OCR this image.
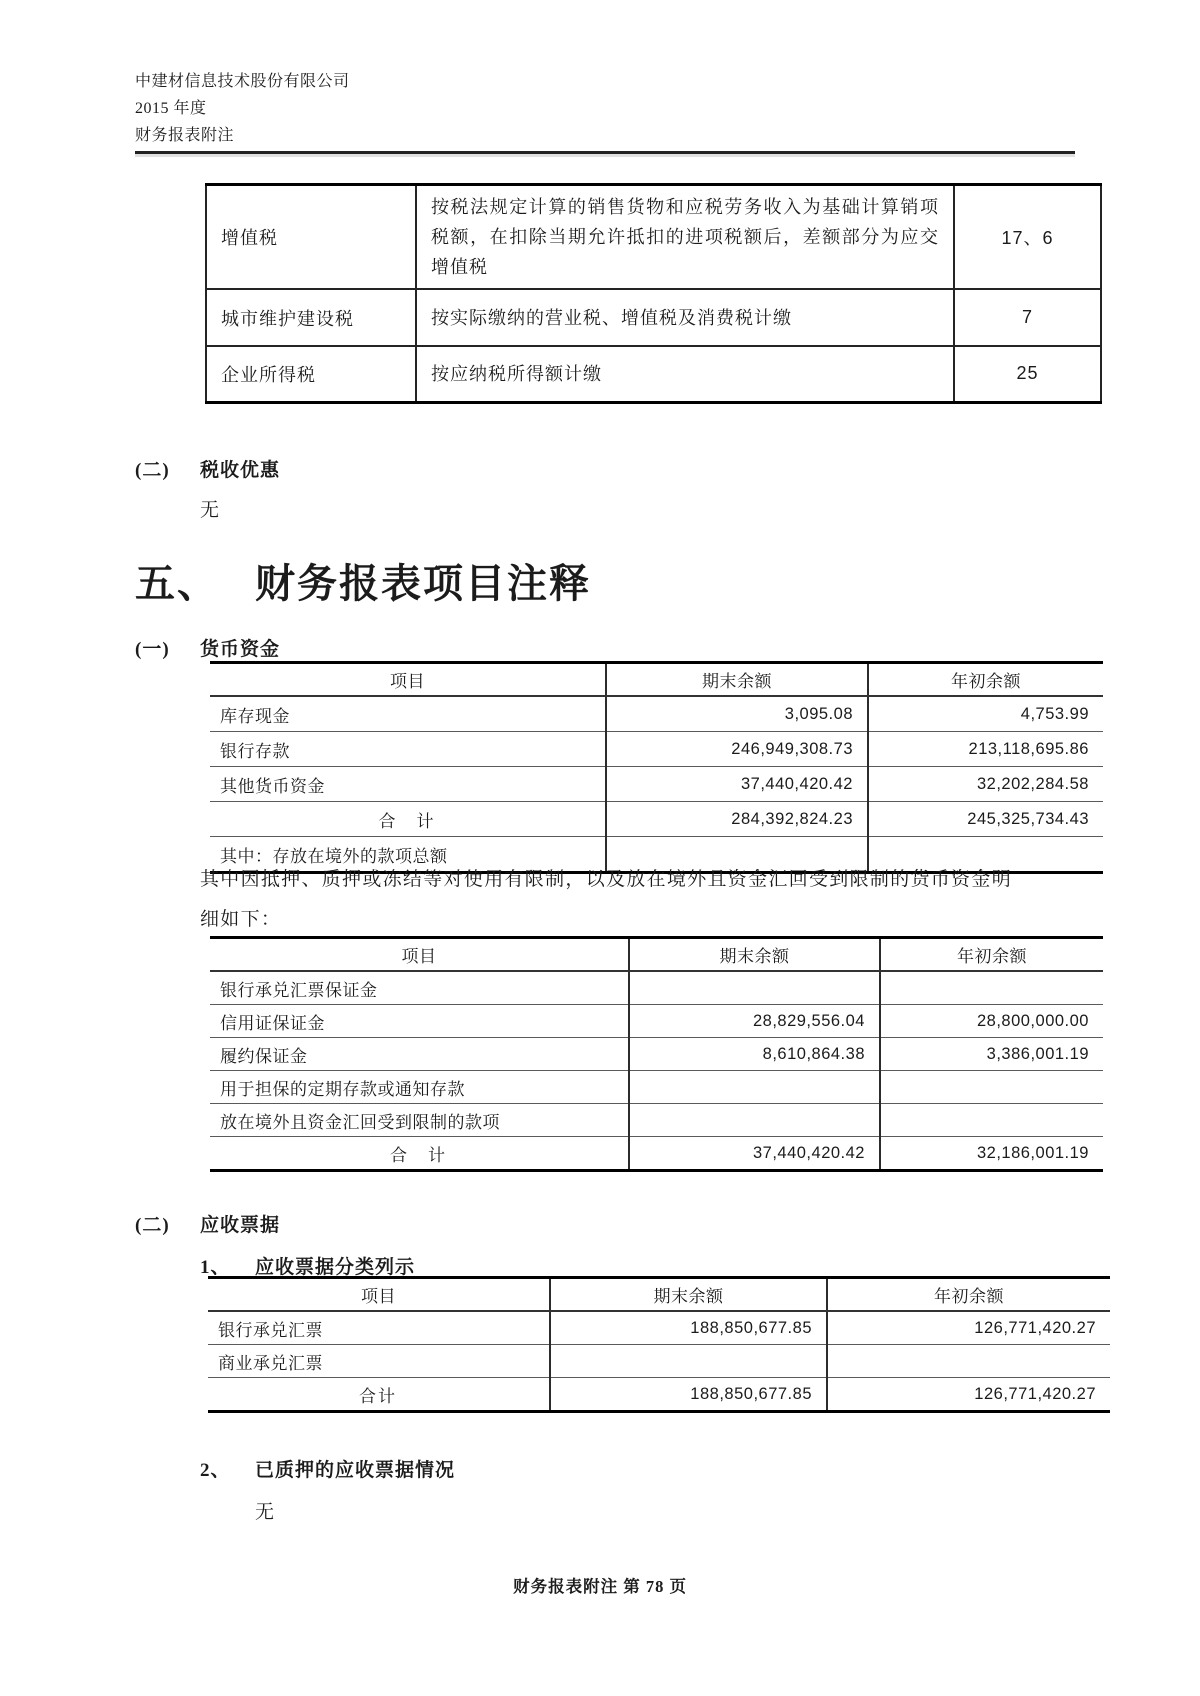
中建材信息技术股份有限公司
2015 年度
财务报表附注
增值税	按税法规定计算的销售货物和应税劳务收入为基础计算销项税额，在扣除当期允许抵扣的进项税额后，差额部分为应交增值税	17、6
城市维护建设税	按实际缴纳的营业税、增值税及消费税计缴	7
企业所得税	按应纳税所得额计缴	25
(二)	税收优惠
无
五、 财务报表项目注释
(一)	货币资金
项目	期末余额	年初余额
库存现金	3,095.08	4,753.99
银行存款	246,949,308.73	213,118,695.86
其他货币资金	37,440,420.42	32,202,284.58
合　计	284,392,824.23	245,325,734.43
其中：存放在境外的款项总额		
其中因抵押、质押或冻结等对使用有限制，以及放在境外且资金汇回受到限制的货币资金明
细如下：
项目	期末余额	年初余额
银行承兑汇票保证金		
信用证保证金	28,829,556.04	28,800,000.00
履约保证金	8,610,864.38	3,386,001.19
用于担保的定期存款或通知存款		
放在境外且资金汇回受到限制的款项		
合　计	37,440,420.42	32,186,001.19
(二)	应收票据
1、	应收票据分类列示
项目	期末余额	年初余额
银行承兑汇票	188,850,677.85	126,771,420.27
商业承兑汇票		
合计	188,850,677.85	126,771,420.27
2、	已质押的应收票据情况
无
财务报表附注 第 78 页
